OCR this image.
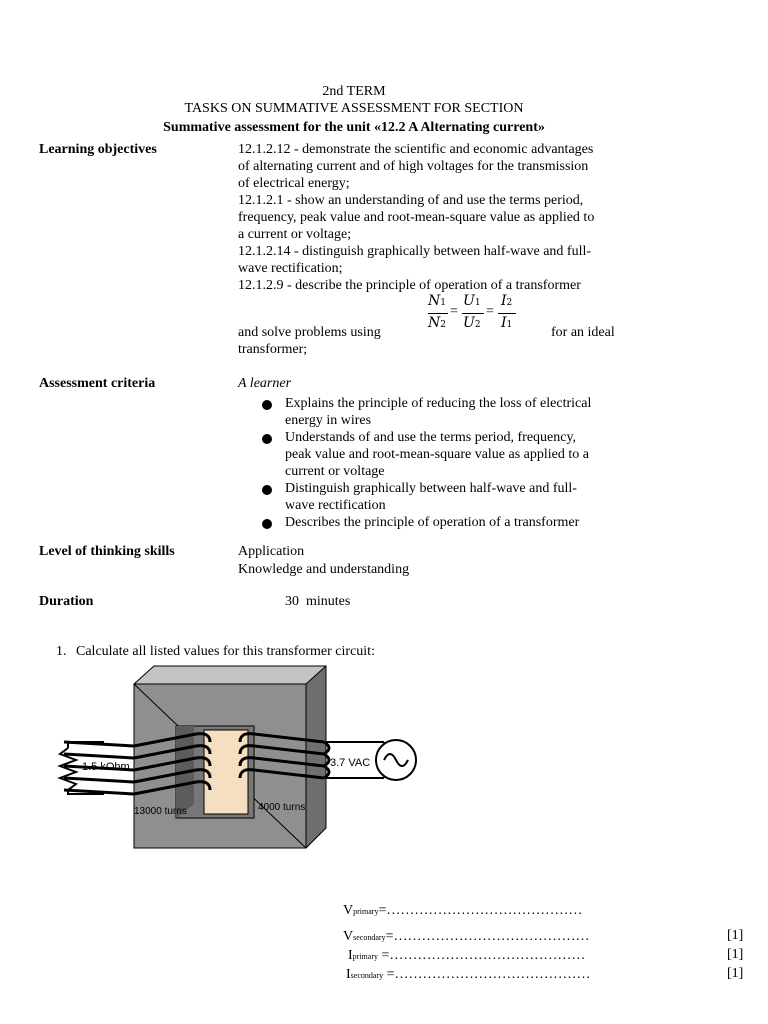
2nd TERM
TASKS ON SUMMATIVE ASSESSMENT FOR SECTION
Summative assessment for the unit «12.2 A Alternating current»
Learning objectives	12.1.2.12 - demonstrate the scientific and economic advantages
of alternating current and of high voltages for the transmission
of electrical energy;
12.1.2.1 - show an understanding of and use the terms period,
frequency, peak value and root-mean-square value as applied to
a current or voltage;
12.1.2.14 - distinguish graphically between half-wave and full-
wave rectification;
12.1.2.9 - describe the principle of operation of a transformer
N1
N2
=
U1
U2
=
I2
I1
and solve problems using	for an ideal
transformer;
Assessment criteria	A learner
Explains the principle of reducing the loss of electrical
energy in wires
Understands of and use the terms period, frequency,
peak value and root-mean-square value as applied to a
current or voltage
Distinguish graphically between half-wave and full-
wave rectification
Describes the principle of operation of a transformer
Level of thinking skills	Application
Knowledge and understanding
Duration	30  minutes
1. Calculate all listed values for this transformer circuit:
1.5 kOhm	3.7 VAC
13000 turns	4000 turns
Vprimary=……………………………………
Vsecondary=……………………………………	[1]
Iprimary =……………………………………	[1]
Isecondary =……………………………………	[1]
